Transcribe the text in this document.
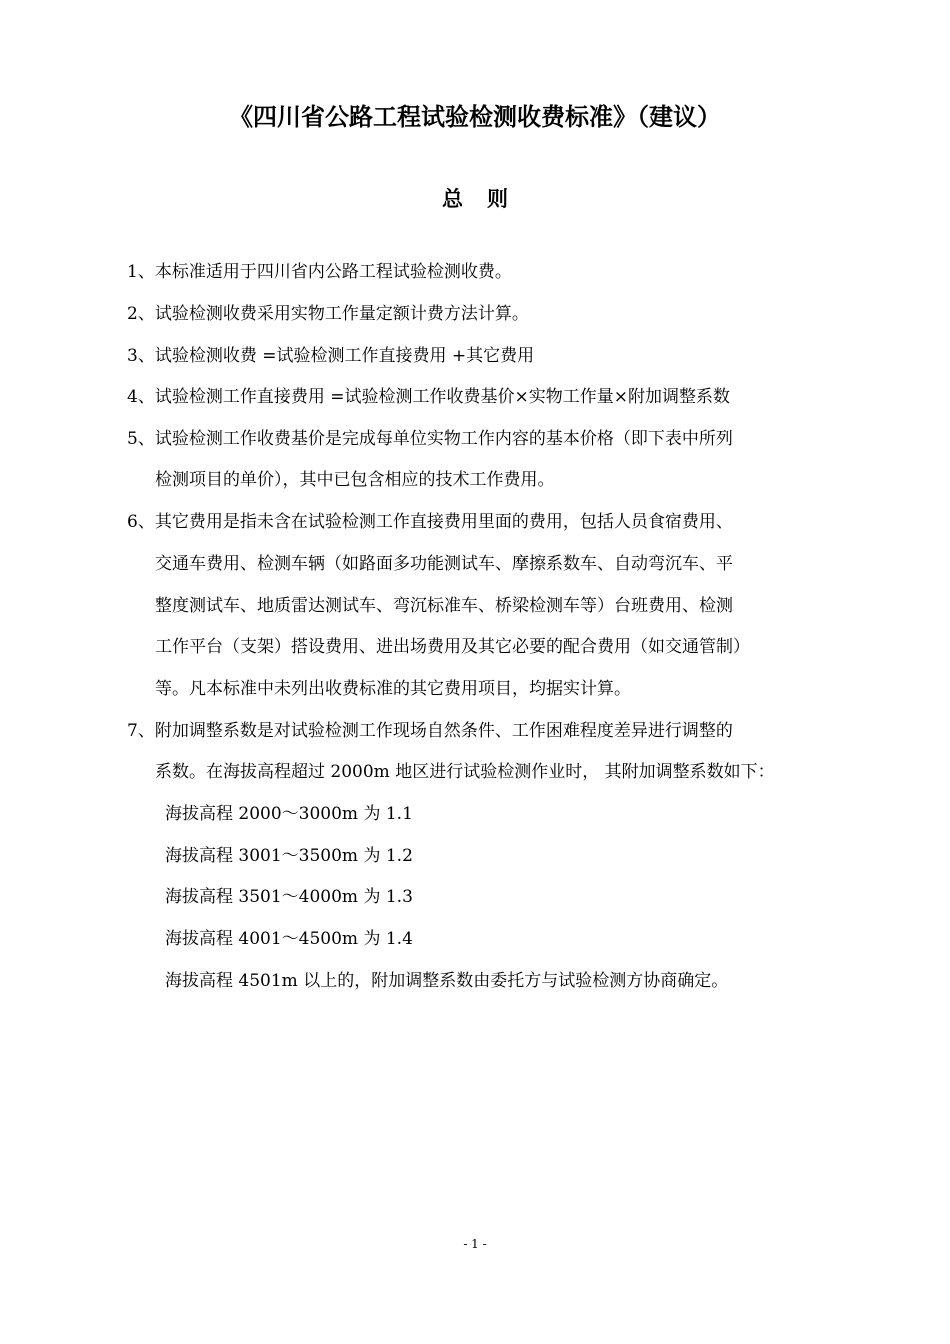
《四川省公路工程试验检测收费标准》（建议）
总则
1、本标准适用于四川省内公路工程试验检测收费。
2、试验检测收费采用实物工作量定额计费方法计算。
3、试验检测收费 =试验检测工作直接费用 +其它费用
4、试验检测工作直接费用 =试验检测工作收费基价×实物工作量×附加调整系数
5、试验检测工作收费基价是完成每单位实物工作内容的基本价格（即下表中所列
检测项目的单价），其中已包含相应的技术工作费用。
6、其它费用是指未含在试验检测工作直接费用里面的费用，包括人员食宿费用、
交通车费用、检测车辆（如路面多功能测试车、摩擦系数车、自动弯沉车、平
整度测试车、地质雷达测试车、弯沉标准车、桥梁检测车等）台班费用、检测
工作平台（支架）搭设费用、进出场费用及其它必要的配合费用（如交通管制）
等。凡本标准中未列出收费标准的其它费用项目，均据实计算。
7、附加调整系数是对试验检测工作现场自然条件、工作困难程度差异进行调整的
系数。在海拔高程超过 2000m 地区进行试验检测作业时， 其附加调整系数如下：
海拔高程 2000～3000m 为 1.1
海拔高程 3001～3500m 为 1.2
海拔高程 3501～4000m 为 1.3
海拔高程 4001～4500m 为 1.4
海拔高程 4501m 以上的，附加调整系数由委托方与试验检测方协商确定。
- 1 -
